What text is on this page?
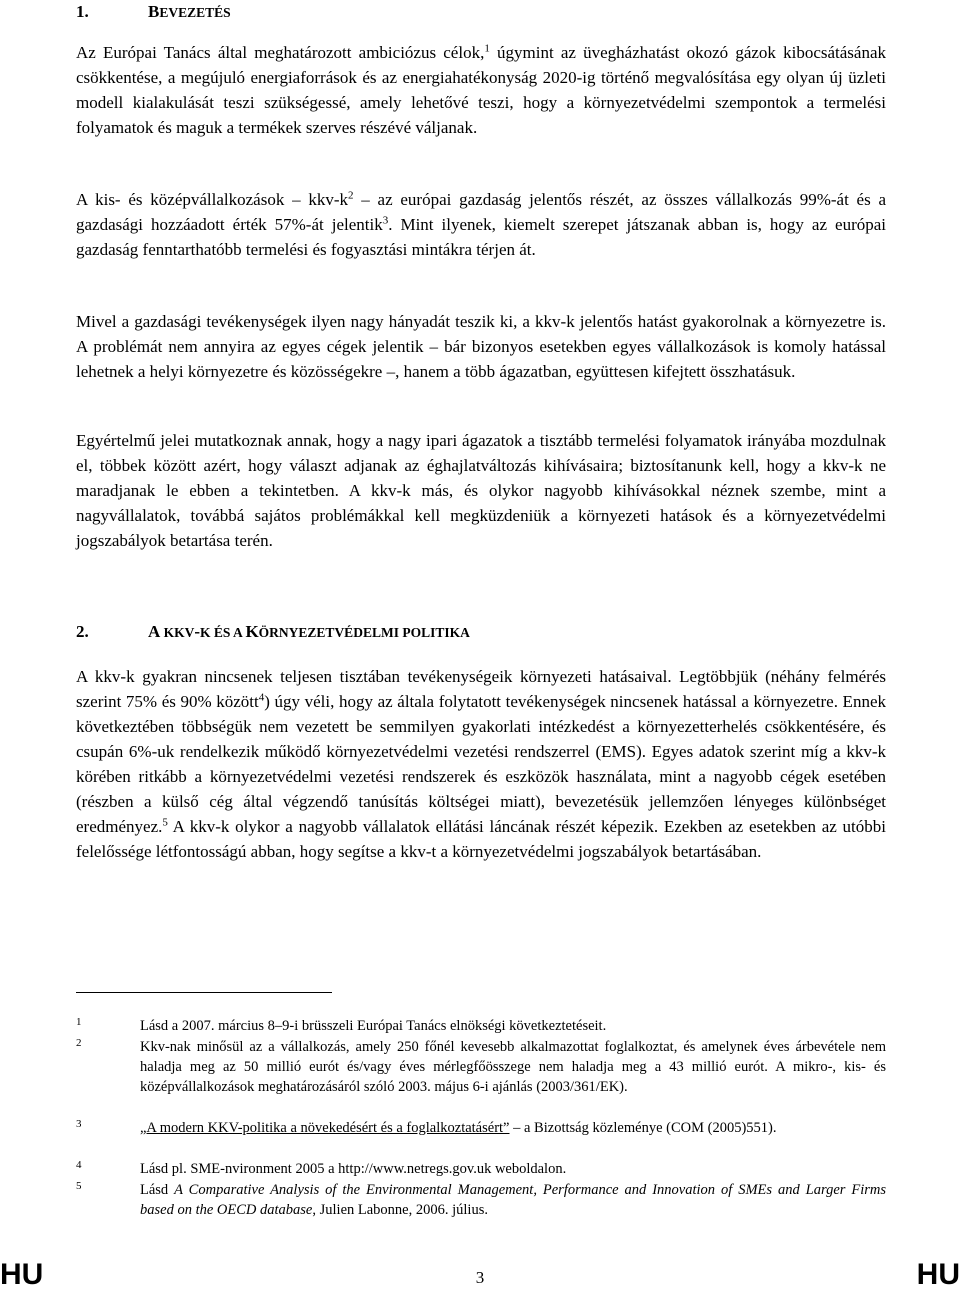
1.	BEVEZETÉS
Az Európai Tanács által meghatározott ambiciózus célok,$^1$ úgymint az üvegházhatást okozó gázok kibocsátásának csökkentése, a megújuló energiaforrások és az energiahatékonyság 2020-ig történő megvalósítása egy olyan új üzleti modell kialakulását teszi szükségessé, amely lehetővé teszi, hogy a környezetvédelmi szempontok a termelési folyamatok és maguk a termékek szerves részévé váljanak.
A kis- és középvállalkozások – kkv-$k^2$ – az európai gazdaság jelentős részét, az összes vállalkozás 99%-át és a gazdasági hozzáadott érték 57%-át jelentik$^3$. Mint ilyenek, kiemelt szerepet játszanak abban is, hogy az európai gazdaság fenntarthatóbb termelési és fogyasztási mintákra térjen át.
Mivel a gazdasági tevékenységek ilyen nagy hányadát teszik ki, a kkv-k jelentős hatást gyakorolnak a környezetre is. A problémát nem annyira az egyes cégek jelentik – bár bizonyos esetekben egyes vállalkozások is komoly hatással lehetnek a helyi környezetre és közösségekre –, hanem a több ágazatban, együttesen kifejtett összhatásuk.
Egyértelmű jelei mutatkoznak annak, hogy a nagy ipari ágazatok a tisztább termelési folyamatok irányába mozdulnak el, többek között azért, hogy választ adjanak az éghajlatváltozás kihívásaira; biztosítanunk kell, hogy a kkv-k ne maradjanak le ebben a tekintetben. A kkv-k más, és olykor nagyobb kihívásokkal néznek szembe, mint a nagyvállalatok, továbbá sajátos problémákkal kell megküzdeniük a környezeti hatások és a környezetvédelmi jogszabályok betartása terén.
2.	A KKV-K ÉS A KÖRNYEZETVÉDELMI POLITIKA
A kkv-k gyakran nincsenek teljesen tisztában tevékenységeik környezeti hatásaival. Legtöbbjük (néhány felmérés szerint 75% és 90% között$^4$) úgy véli, hogy az általa folytatott tevékenységek nincsenek hatással a környezetre. Ennek következtében többségük nem vezetett be semmilyen gyakorlati intézkedést a környezetterhelés csökkentésére, és csupán 6%-uk rendelkezik működő környezetvédelmi vezetési rendszerrel (EMS). Egyes adatok szerint míg a kkv-k körében ritkább a környezetvédelmi vezetési rendszerek és eszközök használata, mint a nagyobb cégek esetében (részben a külső cég által végzendő tanúsítás költségei miatt), bevezetésük jellemzően lényeges különbséget eredményez.$^5$ A kkv-k olykor a nagyobb vállalatok ellátási láncának részét képezik. Ezekben az esetekben az utóbbi felelőssége létfontosságú abban, hogy segítse a kkv-t a környezetvédelmi jogszabályok betartásában.
1	Lásd a 2007. március 8–9-i brüsszeli Európai Tanács elnökségi következtetéseit.
2	Kkv-nak minősül az a vállalkozás, amely 250 főnél kevesebb alkalmazottat foglalkoztat, és amelynek éves árbevétele nem haladja meg az 50 millió eurót és/vagy éves mérlegfőösszege nem haladja meg a 43 millió eurót. A mikro-, kis- és középvállalkozások meghatározásáról szóló 2003. május 6-i ajánlás (2003/361/EK).
3	„A modern KKV-politika a növekedésért és a foglalkoztatásért” – a Bizottság közleménye (COM (2005)551).
4	Lásd pl. SME-nvironment 2005 a http://www.netregs.gov.uk weboldalon.
5	Lásd A Comparative Analysis of the Environmental Management, Performance and Innovation of SMEs and Larger Firms based on the OECD database, Julien Labonne, 2006. július.
HU	3	HU
